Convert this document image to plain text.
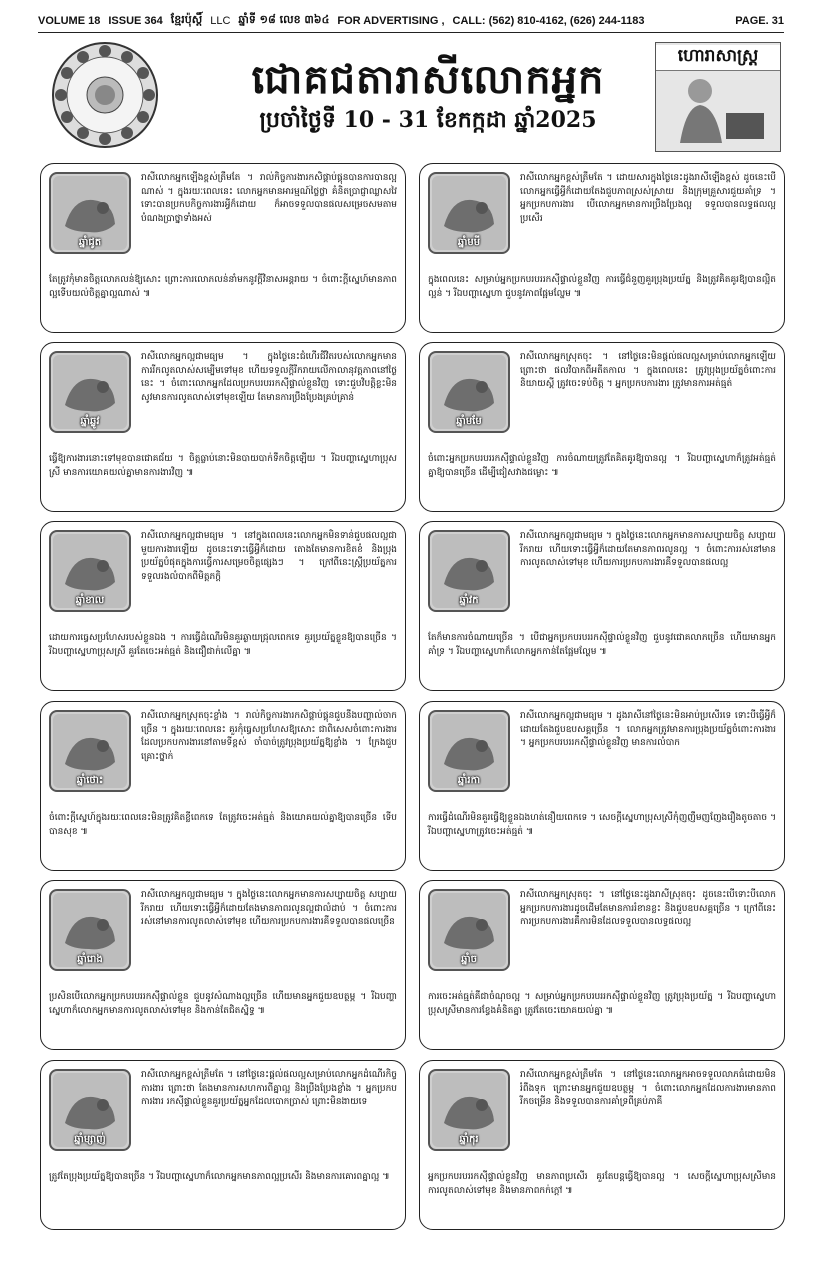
VOLUME 18 ISSUE 364 ខ្មែរប៉ុស្តិ៍ LLC ឆ្នាំទី ១៨ លេខ ៣៦៤ FOR ADVERTISING , CALL: (562) 810-4162, (626) 244-1183	PAGE. 31
ជោគជតារាសីលោកអ្នក
ប្រចាំថ្ងៃទី 10 - 31 ខែកក្កដា ឆ្នាំ2025
ហោរាសាស្ត្រ
ឆ្នាំជូត
រាសីលោកអ្នកឡើងខ្ពស់ត្រឹមតែ ។ រាល់កិច្ចការងារកសិផ្គាប់ផ្គុនបានការបានល្អណាស់ ។ ក្នុងរយៈពេលនេះ លោកអ្នកមានអារម្មណ៍ថ្លៃថ្លា គំនិតប្រាជ្ញាឈ្លាសវៃ ទោះបានប្រកបកិច្ចការងារអ្វីក៏ដោយ ក៏អាចទទួលបានផលសម្រេចសមតាមបំណងប្រាថ្នាទាំងអស់
តែត្រូវកុំមានចិត្តលោភលន់ឱ្យសោះ ព្រោះការលោភលន់នាំមកនូវក្តីវិនាសអន្តរាយ ។ ចំពោះក្តីស្នេហ៍មានភាពល្អទើបយល់ចិត្តគ្នាល្អណាស់ ៕
ឆ្នាំឆ្លូវ
រាសីលោកអ្នកល្អជាមធ្យម ។ ក្នុងថ្ងៃនេះជំហើរជីវិតរបស់លោកអ្នកមានការរីកលូតលាស់សម្បើមទៅមុខ ហើយទទួលក្តីរីករាយលើកាលានុវត្តភាពនៅថ្ងៃនេះ ។ ចំពោះលោកអ្នកដែលប្រកបរបររកស៊ីផ្ទាល់ខ្លួនវិញ ទោះជួបវិបត្តិខ្លះមិនសូវមានការលូតលាស់ទៅមុខឡើយ តែមានការប្រឹងប្រែងគ្រប់គ្រាន់
ធ្វើឱ្យការងារនោះទៅមុខបានជោគជ័យ ។ ចិត្តធ្លាប់នោះមិនបាយបាក់ទឹកចិត្តឡើយ ។ រីឯបញ្ហាស្នេហាប្រុសស្រី មានការយោគយល់គ្នាមានការងារវិញ ៕
ឆ្នាំខាល
រាសីលោកអ្នកល្អជាមធ្យម ។ នៅក្នុងពេលនេះលោកអ្នកមិនទាន់ជួបផលល្អជាមួយការងារឡើយ ដូចនេះទោះធ្វើអ្វីក៏ដោយ តោងតែមានការខិតខំ និងប្រុងប្រយ័ត្នបំផុតក្នុងការធ្វើការសម្រេចចិត្តផ្សេងៗ ។ ក្រៅពីនេះស្ត្រីប្រយ័ត្នការទទួលរងលំបាកពីមិត្តភក្តិ
ដោយការធ្វេសប្រហែសរបស់ខ្លួនឯង ។ ការធ្វើដំណើរមិនគួរឆ្ងាយជ្រុលពេកទេ គួរប្រយ័ត្នខ្លួនឱ្យបានច្រើន ។ រីឯបញ្ហាស្នេហាប្រុសស្រី គួរតែចេះអត់ធ្មត់ និងជឿជាក់លើគ្នា ៕
ឆ្នាំថោះ
រាសីលោកអ្នកស្រុតចុះខ្លាំង ។ រាល់កិច្ចការងារកសិផ្គាប់ផ្គុនជួបនឹងបញ្ហាល់ចាកច្រើន ។ ក្នុងរយៈពេលនេះ គួរកុំធ្វេសប្រហែសឱ្យសោះ ជាពិសេសចំពោះការងារដែលប្រកបការងារនៅតាមទីខ្ពស់ ចាំបាច់ត្រូវប្រុងប្រយ័ត្នឱ្យខ្លាំង ។ ក្រែងជួបគ្រោះថ្នាក់
ចំពោះក្តីស្នេហ៍ក្នុងរយៈពេលនេះមិនត្រូវគិតខ្លីពេកទេ តែត្រូវចេះអត់ធ្មត់ និងយោគយល់គ្នាឱ្យបានច្រើន ទើបបានសុខ ៕
ឆ្នាំរោង
រាសីលោកអ្នកល្អជាមធ្យម ។ ក្នុងថ្ងៃនេះលោកអ្នកមានការសប្បាយចិត្ត សប្បាយរីករាយ ហើយទោះធ្វើអ្វីក៏ដោយតែងមានភាពរលូនល្អជាលំដាប់ ។ ចំពោះការរស់នៅមានការលូតលាស់ទៅមុខ ហើយការប្រកបការងារគឺទទួលបានផលច្រើន
ប្រសិនបើលោកអ្នកប្រកបរបររកស៊ីផ្ទាល់ខ្លួន ជួបនូវសំណាងល្អច្រើន ហើយមានអ្នកជួយឧបត្ថម្ភ ។ រីឯបញ្ហាស្នេហាក៏លោកអ្នកមានការលូតលាស់ទៅមុខ និងកាន់តែជិតស្និទ្ធ ៕
ឆ្នាំម្សាញ់
រាសីលោកអ្នកខ្ពស់ត្រឹមតែ ។ នៅថ្ងៃនេះផ្តល់ផលល្អសម្រាប់លោកអ្នកដំណើរកិច្ចការងារ ព្រោះថា តែងមានការសហការពីគ្នាល្អ និងប្រឹងប្រែងខ្លាំង ។ អ្នកប្រកបការងារ រកស៊ីផ្ទាល់ខ្លួនគួរប្រយ័ត្នអ្នកដែលបោកប្រាស់ ព្រោះមិនងាយទេ
ត្រូវតែប្រុងប្រយ័ត្នឱ្យបានច្រើន ។ រីឯបញ្ហាស្នេហាក៏លោកអ្នកមានភាពល្អប្រសើរ និងមានការគោរពគ្នាល្អ ៕
ឆ្នាំមមី
រាសីលោកអ្នកខ្ពស់ត្រឹមតែ ។ ដោយសារក្នុងថ្ងៃនេះដូងរាសីឡើងខ្ពស់ ដូចនេះបើលោកអ្នកធ្វើអ្វីក៏ដោយតែងជួបភាពស្រស់ស្រាយ និងក្រុមគ្រួសារជួយគាំទ្រ ។ អ្នកប្រកបការងារ បើលោកអ្នកមានការប្រឹងប្រែងល្អ ទទួលបានលទ្ធផលល្អប្រសើរ
ក្នុងពេលនេះ សម្រាប់អ្នកប្រកបរបររកស៊ីផ្ទាល់ខ្លួនវិញ ការធ្វើជំនួញគួរប្រុងប្រយ័ត្ន និងត្រូវគិតគូរឱ្យបានល្អិតល្អន់ ។ រីឯបញ្ហាស្នេហា ជួបនូវភាពផ្អែមល្ហែម ៕
ឆ្នាំមមែ
រាសីលោកអ្នកស្រុតចុះ ។ នៅថ្ងៃនេះមិនផ្តល់ផលល្អសម្រាប់លោកអ្នកឡើយ ព្រោះថា ផលវិបាកពីអតីតកាល ។ ក្នុងពេលនេះ ត្រូវប្រុងប្រយ័ត្នចំពោះការនិយាយស្តី ត្រូវចេះទប់ចិត្ត ។ អ្នកប្រកបការងារ ត្រូវមានការអត់ធ្មត់
ចំពោះអ្នកប្រកបរបររកស៊ីផ្ទាល់ខ្លួនវិញ ការចំណាយត្រូវតែគិតគូរឱ្យបានល្អ ។ រីឯបញ្ហាស្នេហាក៏ត្រូវអត់ធ្មត់គ្នាឱ្យបានច្រើន ដើម្បីជៀសវាងជម្លោះ ៕
ឆ្នាំវក
រាសីលោកអ្នកល្អជាមធ្យម ។ ក្នុងថ្ងៃនេះលោកអ្នកមានការសប្បាយចិត្ត សប្បាយរីករាយ ហើយទោះធ្វើអ្វីក៏ដោយតែមានភាពរលូនល្អ ។ ចំពោះការរស់នៅមានការលូតលាស់ទៅមុខ ហើយការប្រកបការងារគឺទទួលបានផលល្អ
តែក៏មានការចំណាយច្រើន ។ បើជាអ្នកប្រកបរបររកស៊ីផ្ទាល់ខ្លួនវិញ ជួបនូវជោគលាភច្រើន ហើយមានអ្នកគាំទ្រ ។ រីឯបញ្ហាស្នេហាក៏លោកអ្នកកាន់តែផ្អែមល្ហែម ៕
ឆ្នាំរកា
រាសីលោកអ្នកល្អជាមធ្យម ។ ដូងរាសីនៅថ្ងៃនេះមិនអាប់ប្រសើរទេ ទោះបីធ្វើអ្វីក៏ដោយតែងជួបឧបសគ្គច្រើន ។ លោកអ្នកត្រូវមានការប្រុងប្រយ័ត្នចំពោះការងារ ។ អ្នកប្រកបរបររកស៊ីផ្ទាល់ខ្លួនវិញ មានការលំបាក
ការធ្វើដំណើរមិនគួរធ្វើឱ្យខ្លួនឯងហត់នឿយពេកទេ ។ សេចក្តីស្នេហាប្រុសស្រីកុំញញឹមញញែងរឿងតូចតាច ។ រីឯបញ្ហាស្នេហាត្រូវចេះអត់ធ្មត់ ៕
ឆ្នាំច
រាសីលោកអ្នកស្រុតចុះ ។ នៅថ្ងៃនេះដូងរាសីស្រុតចុះ ដូចនេះបើទោះបីលោកអ្នកប្រកបការងារដូចដើមតែមានការរំខានខ្លះ និងជួបឧបសគ្គច្រើន ។ ក្រៅពីនេះការប្រកបការងារគឺការមិនដែលទទួលបានលទ្ធផលល្អ
ការចេះអត់ធ្មត់គឺជាចំណុចល្អ ។ សម្រាប់អ្នកប្រកបរបររកស៊ីផ្ទាល់ខ្លួនវិញ ត្រូវប្រុងប្រយ័ត្ន ។ រីឯបញ្ហាស្នេហាប្រុសស្រីមានការខ្វែងគំនិតគ្នា ត្រូវតែចេះយោគយល់គ្នា ៕
ឆ្នាំកុរ
រាសីលោកអ្នកខ្ពស់ត្រឹមតែ ។ នៅថ្ងៃនេះលោកអ្នកអាចទទួលលាភធំដោយមិនរំពឹងទុក ព្រោះមានអ្នកជួយឧបត្ថម្ភ ។ ចំពោះលោកអ្នកដែលការងារមានភាពរីកចម្រើន និងទទួលបានការគាំទ្រពីគ្រប់ភាគី
អ្នកប្រកបរបររកស៊ីផ្ទាល់ខ្លួនវិញ មានភាពប្រសើរ គួរតែបន្តធ្វើឱ្យបានល្អ ។ សេចក្តីស្នេហាប្រុសស្រីមានការលូតលាស់ទៅមុខ និងមានភាពកក់ក្តៅ ៕
